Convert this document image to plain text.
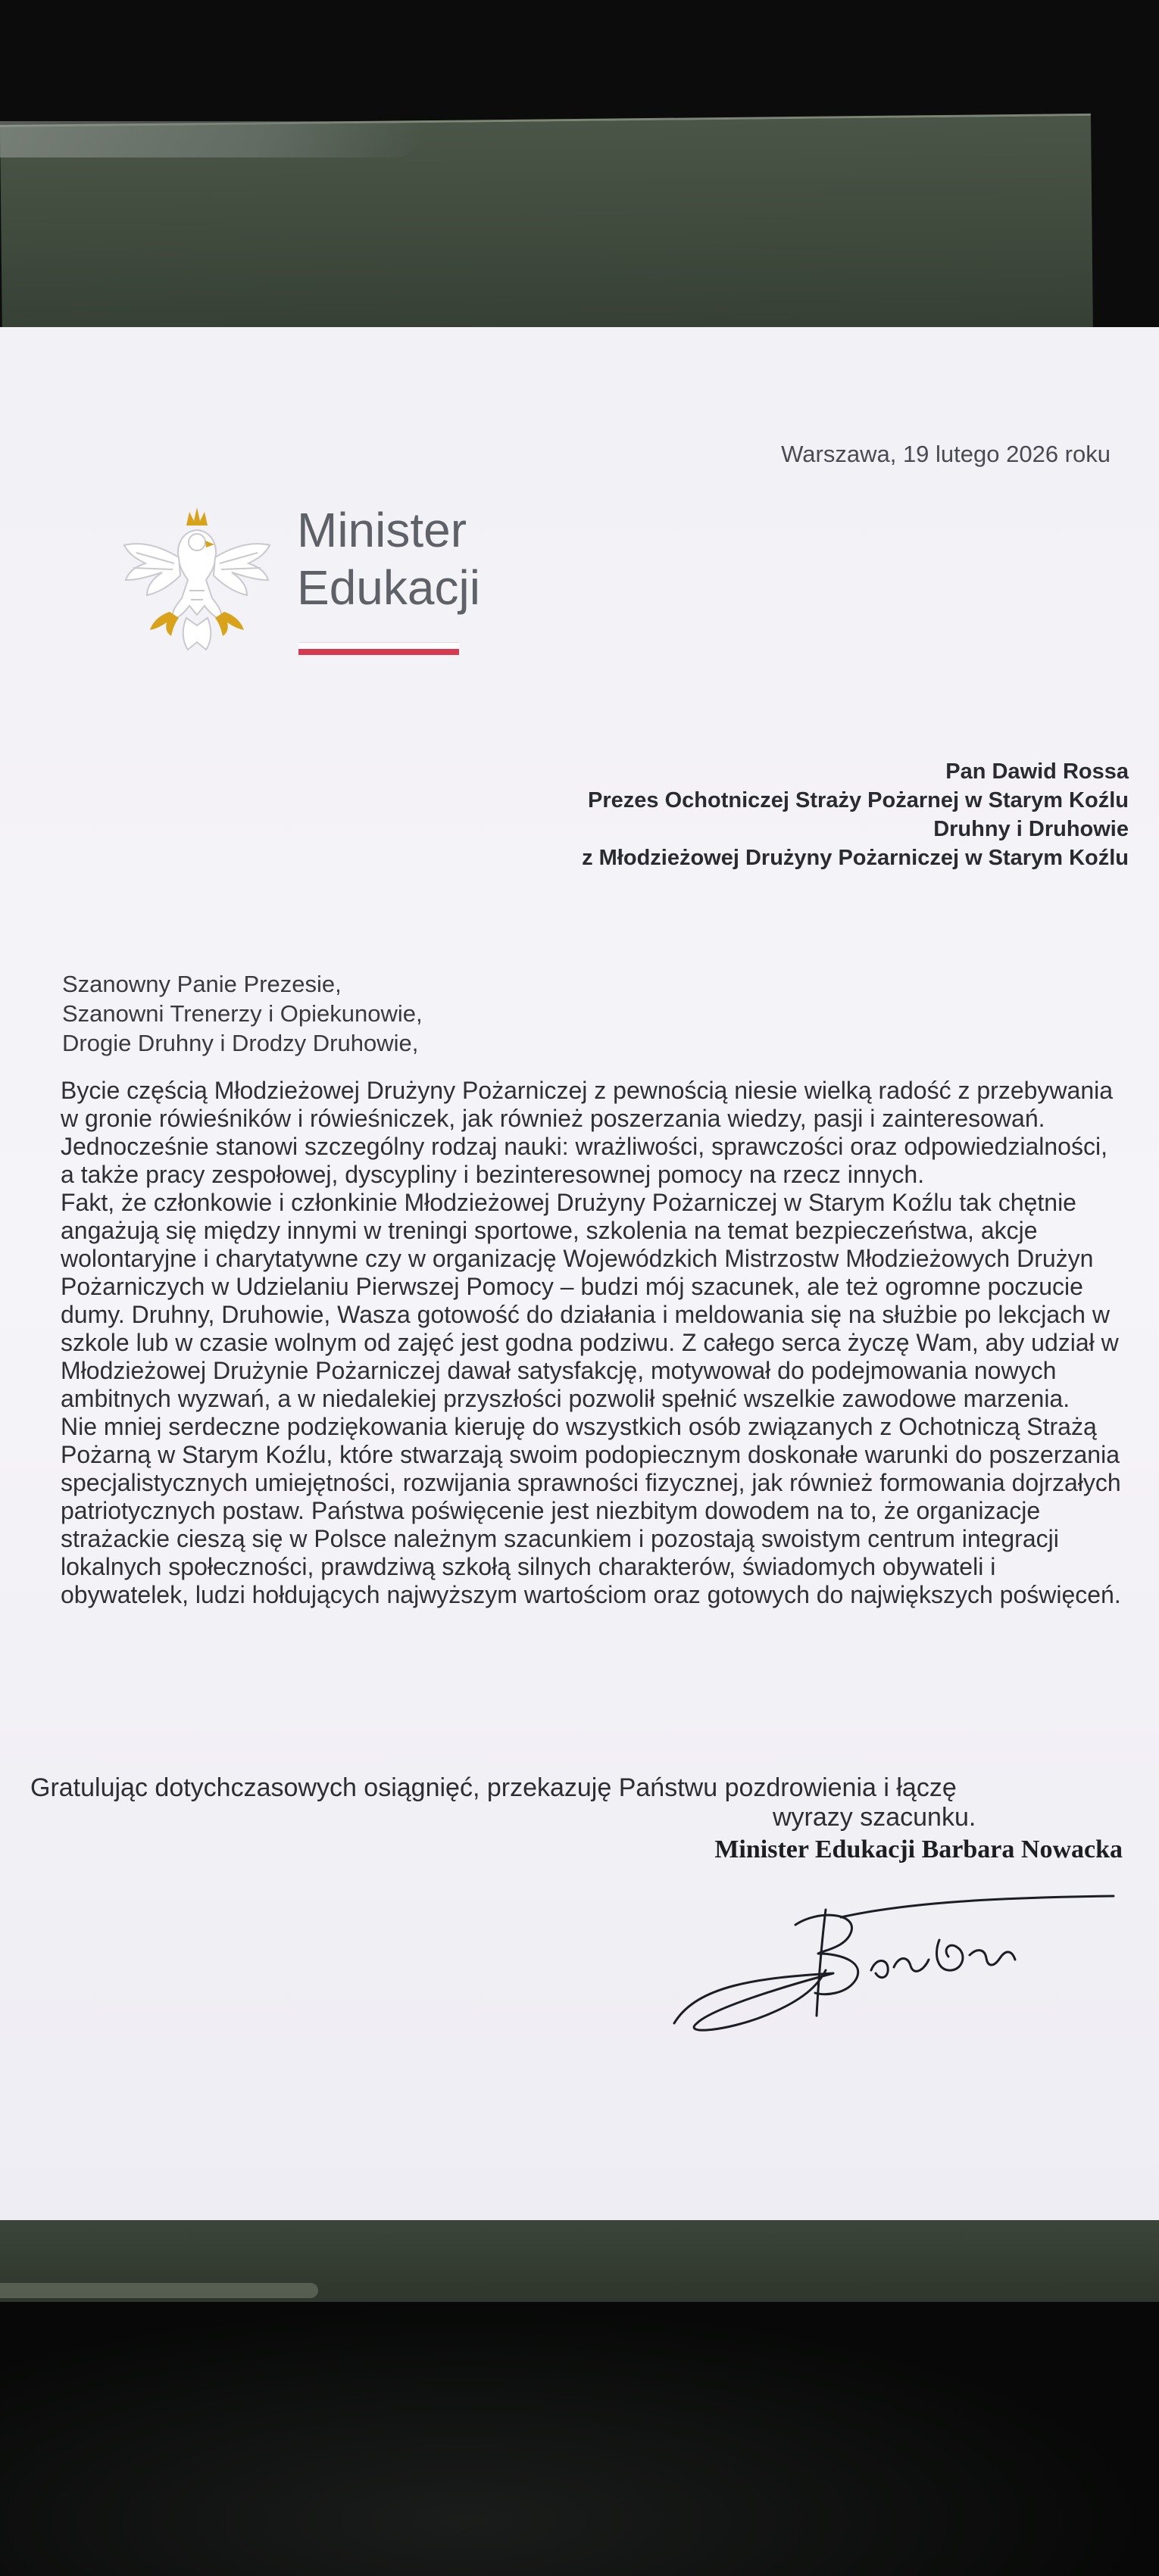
Warszawa, 19 lutego 2026 roku
Minister
Edukacji
Pan Dawid Rossa
Prezes Ochotniczej Straży Pożarnej w Starym Koźlu
Druhny i Druhowie
z Młodzieżowej Drużyny Pożarniczej w Starym Koźlu
Szanowny Panie Prezesie,
Szanowni Trenerzy i Opiekunowie,
Drogie Druhny i Drodzy Druhowie,

Bycie częścią Młodzieżowej Drużyny Pożarniczej z pewnością niesie wielką radość z przebywania w gronie rówieśników i rówieśniczek, jak również poszerzania wiedzy, pasji i zainteresowań. Jednocześnie stanowi szczególny rodzaj nauki: wrażliwości, sprawczości oraz odpowiedzialności, a także pracy zespołowej, dyscypliny i bezinteresownej pomocy na rzecz innych.

Fakt, że członkowie i członkinie Młodzieżowej Drużyny Pożarniczej w Starym Koźlu tak chętnie angażują się między innymi w treningi sportowe, szkolenia na temat bezpieczeństwa, akcje wolontaryjne i charytatywne czy w organizację Wojewódzkich Mistrzostw Młodzieżowych Drużyn Pożarniczych w Udzielaniu Pierwszej Pomocy – budzi mój szacunek, ale też ogromne poczucie dumy. Druhny, Druhowie, Wasza gotowość do działania i meldowania się na służbie po lekcjach w szkole lub w czasie wolnym od zajęć jest godna podziwu. Z całego serca życzę Wam, aby udział w Młodzieżowej Drużynie Pożarniczej dawał satysfakcję, motywował do podejmowania nowych ambitnych wyzwań, a w niedalekiej przyszłości pozwolił spełnić wszelkie zawodowe marzenia.

Nie mniej serdeczne podziękowania kieruję do wszystkich osób związanych z Ochotniczą Strażą Pożarną w Starym Koźlu, które stwarzają swoim podopiecznym doskonałe warunki do poszerzania specjalistycznych umiejętności, rozwijania sprawności fizycznej, jak również formowania dojrzałych patriotycznych postaw. Państwa poświęcenie jest niezbitym dowodem na to, że organizacje strażackie cieszą się w Polsce należnym szacunkiem i pozostają swoistym centrum integracji lokalnych społeczności, prawdziwą szkołą silnych charakterów, świadomych obywateli i obywatelek, ludzi hołdujących najwyższym wartościom oraz gotowych do największych poświęceń.

Gratulując dotychczasowych osiągnięć, przekazuję Państwu pozdrowienia i łączę
wyrazy szacunku.
Minister Edukacji Barbara Nowacka
